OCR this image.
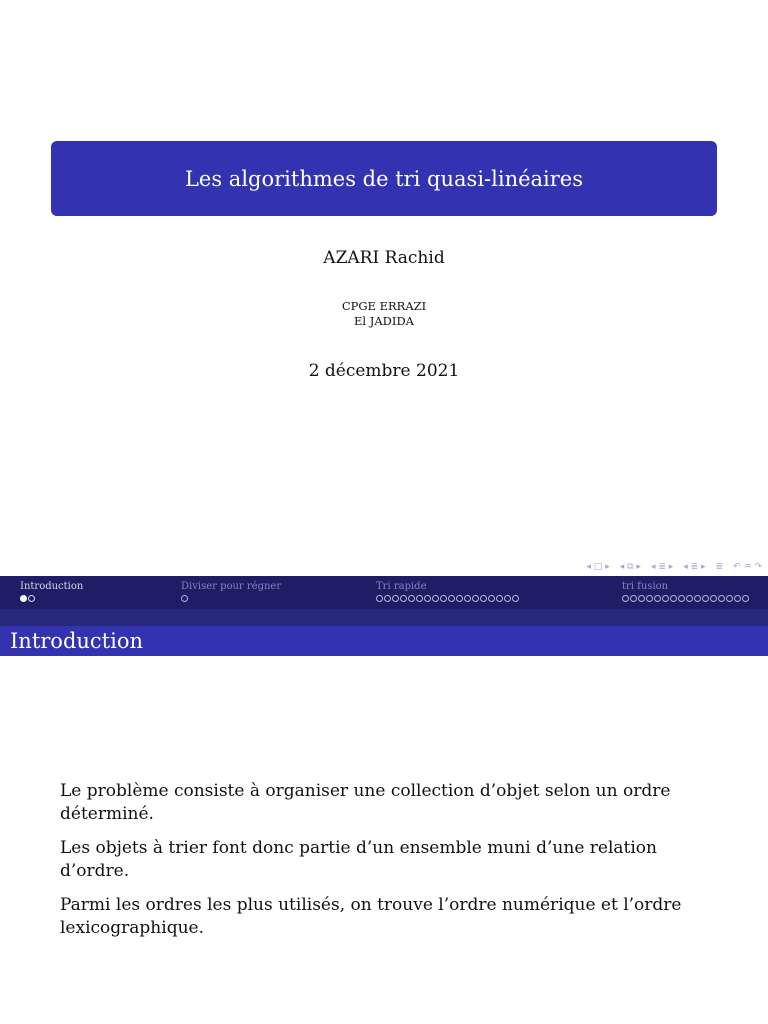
Les algorithmes de tri quasi-linéaires
AZARI Rachid
CPGE ERRAZI
El JADIDA
2 décembre 2021
◂ □ ▸ ◂ ⧉ ▸ ◂ ≣ ▸ ◂ ≣ ▸ ≣ ↶ ♒ ↷
Introduction	Diviser pour régner	Tri rapide	tri fusion
Introduction

Le problème consiste à organiser une collection d’objet selon un ordre déterminé.

Les objets à trier font donc partie d’un ensemble muni d’une relation d’ordre.

Parmi les ordres les plus utilisés, on trouve l’ordre numérique et l’ordre lexicographique.
